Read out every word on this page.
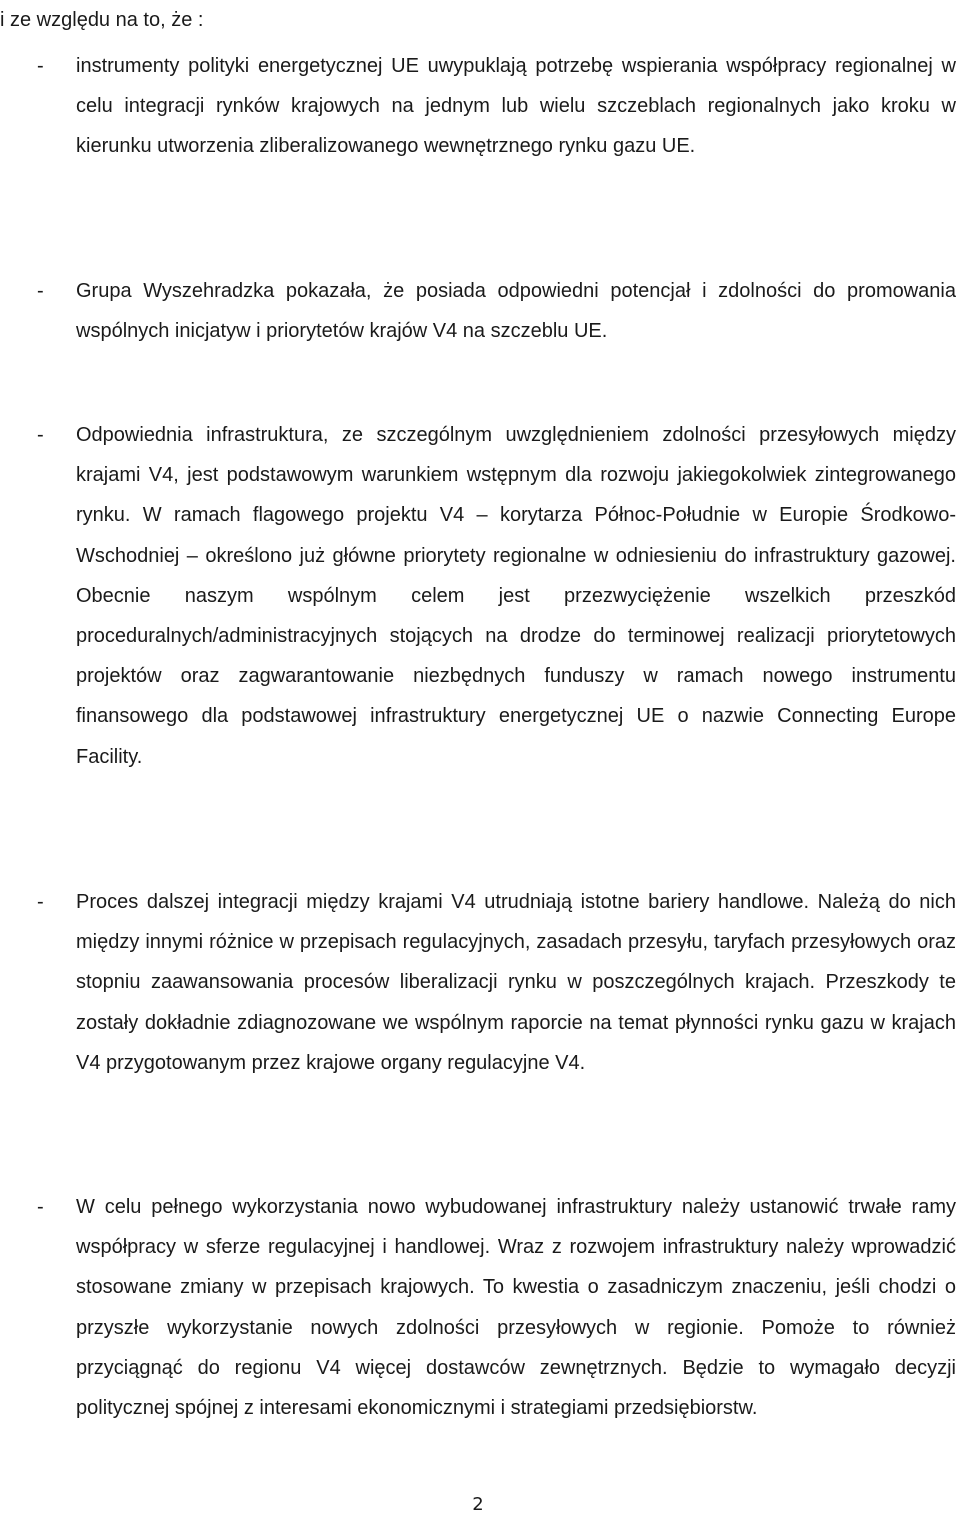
i ze względu na to, że :

- instrumenty polityki energetycznej UE uwypuklają potrzebę wspierania współpracy regionalnej w celu integracji rynków krajowych na jednym lub wielu szczeblach regionalnych jako kroku w kierunku utworzenia zliberalizowanego wewnętrznego rynku gazu UE.

- Grupa Wyszehradzka pokazała, że posiada odpowiedni potencjał i zdolności do promowania wspólnych inicjatyw i priorytetów krajów V4 na szczeblu UE.

- Odpowiednia infrastruktura, ze szczególnym uwzględnieniem zdolności przesyłowych między krajami V4, jest podstawowym warunkiem wstępnym dla rozwoju jakiegokolwiek zintegrowanego rynku. W ramach flagowego projektu V4 – korytarza Północ-Południe w Europie Środkowo-Wschodniej – określono już główne priorytety regionalne w odniesieniu do infrastruktury gazowej. Obecnie naszym wspólnym celem jest przezwyciężenie wszelkich przeszkód proceduralnych/administracyjnych stojących na drodze do terminowej realizacji priorytetowych projektów oraz zagwarantowanie niezbędnych funduszy w ramach nowego instrumentu finansowego dla podstawowej infrastruktury energetycznej UE o nazwie Connecting Europe Facility.

- Proces dalszej integracji między krajami V4 utrudniają istotne bariery handlowe. Należą do nich między innymi różnice w przepisach regulacyjnych, zasadach przesyłu, taryfach przesyłowych oraz stopniu zaawansowania procesów liberalizacji rynku w poszczególnych krajach. Przeszkody te zostały dokładnie zdiagnozowane we wspólnym raporcie na temat płynności rynku gazu w krajach V4 przygotowanym przez krajowe organy regulacyjne V4.

- W celu pełnego wykorzystania nowo wybudowanej infrastruktury należy ustanowić trwałe ramy współpracy w sferze regulacyjnej i handlowej. Wraz z rozwojem infrastruktury należy wprowadzić stosowane zmiany w przepisach krajowych. To kwestia o zasadniczym znaczeniu, jeśli chodzi o przyszłe wykorzystanie nowych zdolności przesyłowych w regionie. Pomoże to również przyciągnąć do regionu V4 więcej dostawców zewnętrznych. Będzie to wymagało decyzji politycznej spójnej z interesami ekonomicznymi i strategiami przedsiębiorstw.

2
